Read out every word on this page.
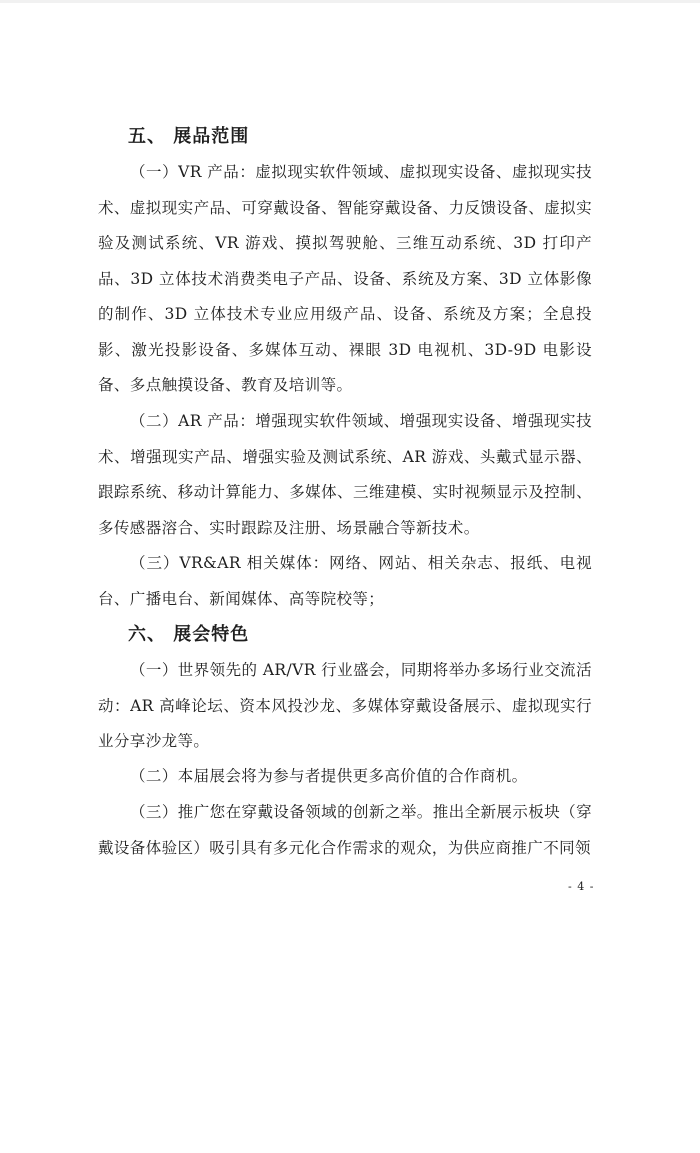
五、 展品范围
（一）VR 产品：虚拟现实软件领域、虚拟现实设备、虚拟现实技术、虚拟现实产品、可穿戴设备、智能穿戴设备、力反馈设备、虚拟实验及测试系统、VR 游戏、摸拟驾驶舱、三维互动系统、3D 打印产品、3D 立体技术消费类电子产品、设备、系统及方案、3D 立体影像的制作、3D 立体技术专业应用级产品、设备、系统及方案；全息投影、激光投影设备、多媒体互动、裸眼 3D 电视机、3D-9D 电影设备、多点触摸设备、教育及培训等。
（二）AR 产品：增强现实软件领域、增强现实设备、增强现实技术、增强现实产品、增强实验及测试系统、AR 游戏、头戴式显示器、跟踪系统、移动计算能力、多媒体、三维建模、实时视频显示及控制、多传感器溶合、实时跟踪及注册、场景融合等新技术。
（三）VR&AR 相关媒体：网络、网站、相关杂志、报纸、电视台、广播电台、新闻媒体、高等院校等；
六、 展会特色
（一）世界领先的 AR/VR 行业盛会，同期将举办多场行业交流活动：AR 高峰论坛、资本风投沙龙、多媒体穿戴设备展示、虚拟现实行业分享沙龙等。
（二）本届展会将为参与者提供更多高价值的合作商机。
（三）推广您在穿戴设备领域的创新之举。推出全新展示板块（穿戴设备体验区）吸引具有多元化合作需求的观众，为供应商推广不同领
- 4 -
